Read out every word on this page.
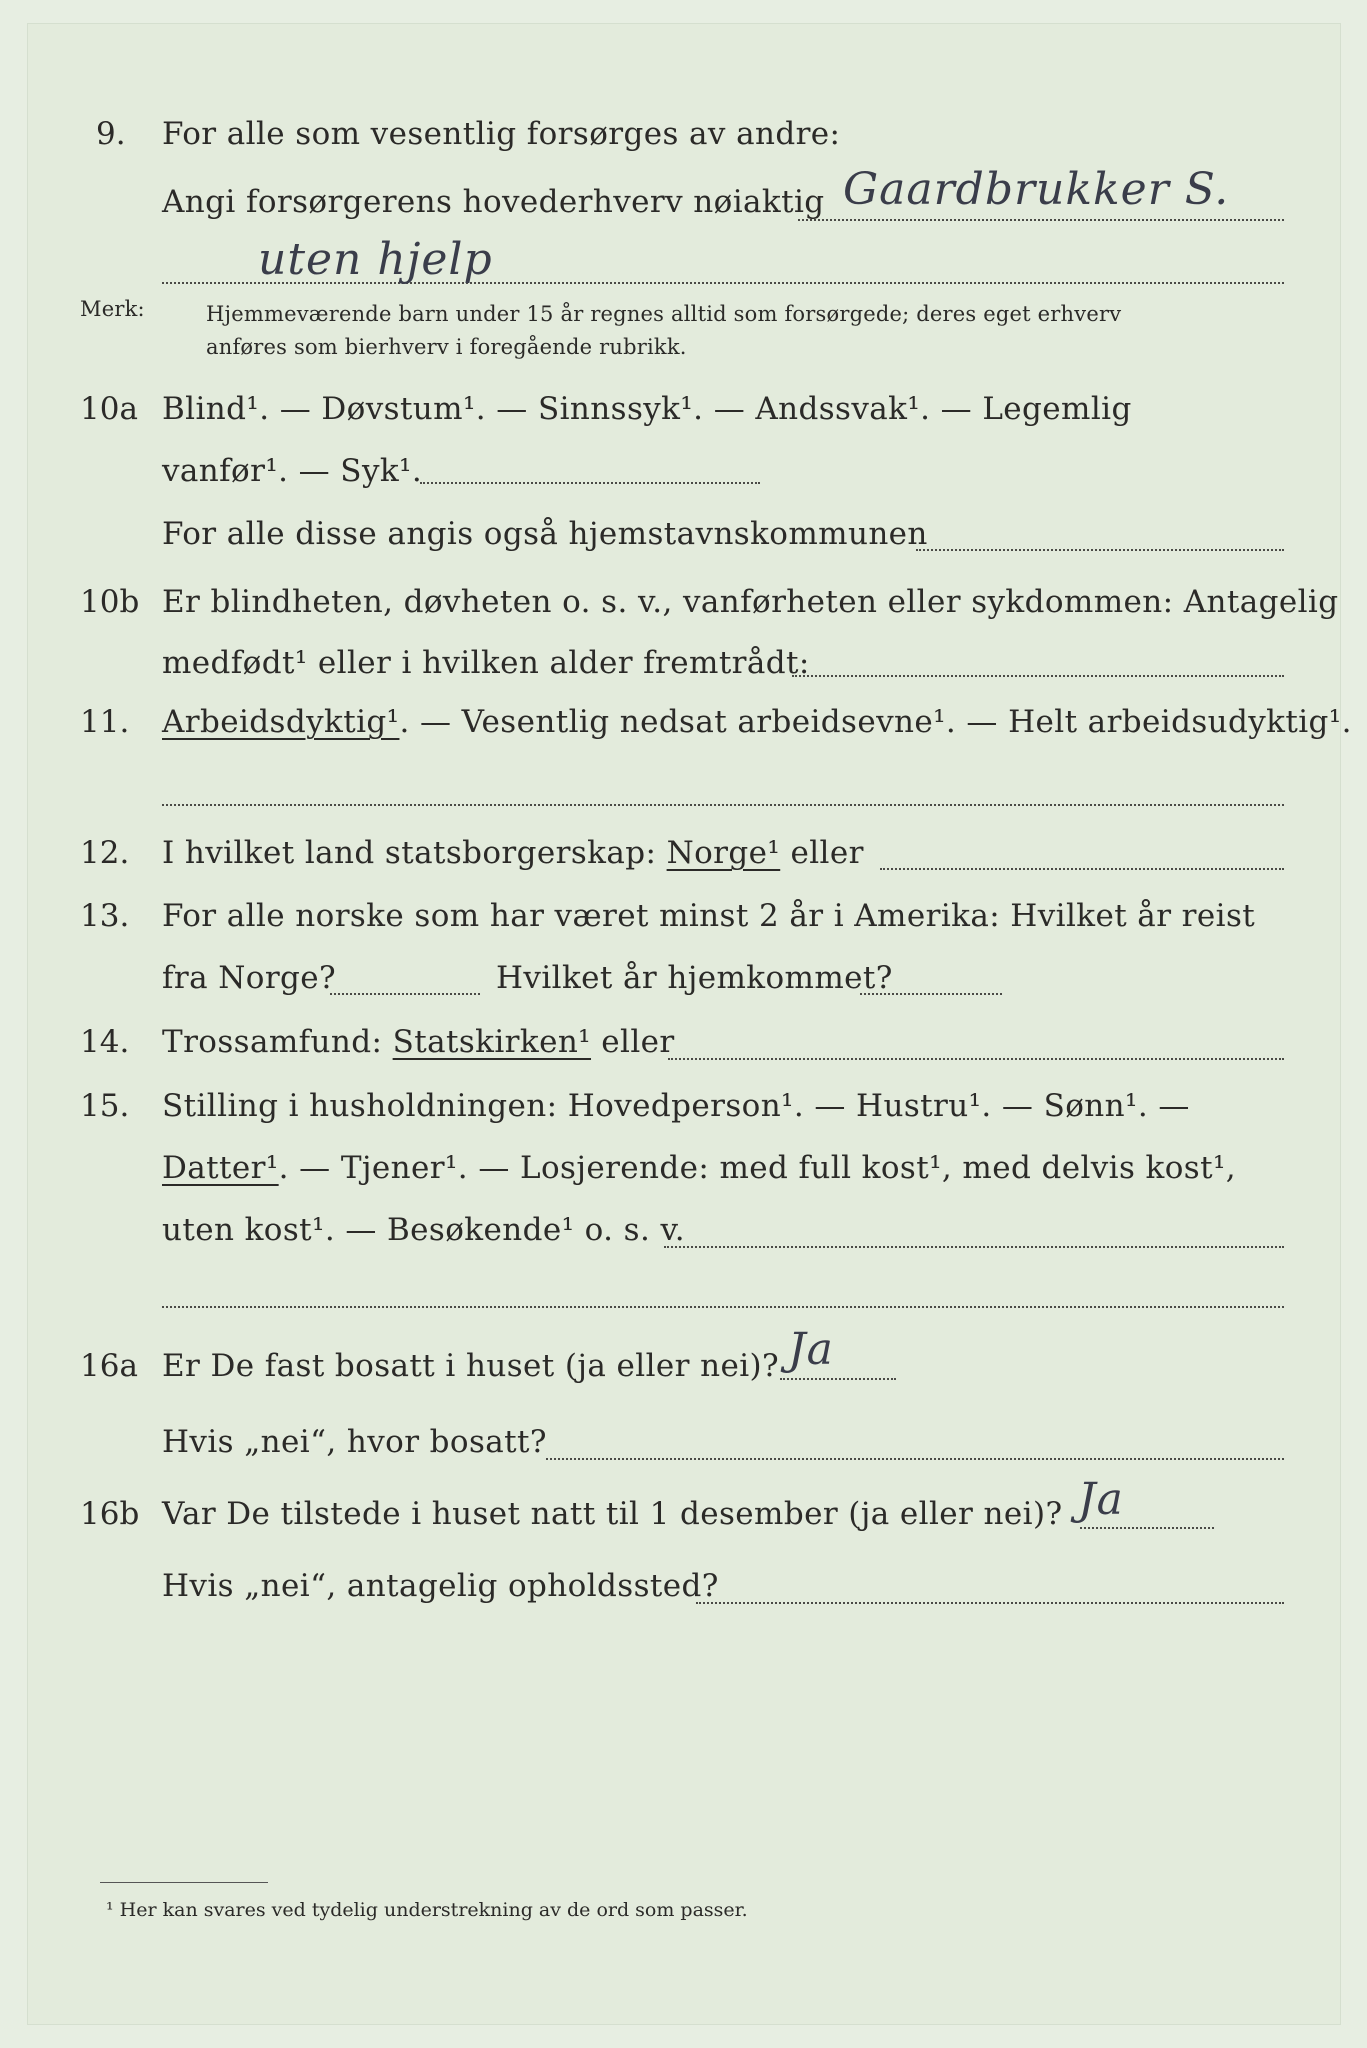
9. For alle som vesentlig forsørges av andre:
Angi forsørgerens hovederhverv nøiaktig Gaardbrukker S.
uten hjelp
Merk:	Hjemmeværende barn under 15 år regnes alltid som forsørgede; deres eget erhverv
anføres som bierhverv i foregående rubrikk.
10a Blind¹. — Døvstum¹. — Sinnssyk¹. — Andssvak¹. — Legemlig
vanfør¹. — Syk¹.
For alle disse angis også hjemstavnskommunen
10b Er blindheten, døvheten o. s. v., vanførheten eller sykdommen: Antagelig
medfødt¹ eller i hvilken alder fremtrådt:
11. Arbeidsdyktig¹. — Vesentlig nedsat arbeidsevne¹. — Helt arbeidsudyktig¹.
12. I hvilket land statsborgerskap: Norge¹ eller
13. For alle norske som har været minst 2 år i Amerika: Hvilket år reist
fra Norge?	Hvilket år hjemkommet?
14. Trossamfund: Statskirken¹ eller
15. Stilling i husholdningen: Hovedperson¹. — Hustru¹. — Sønn¹. —
Datter¹. — Tjener¹. — Losjerende: med full kost¹, med delvis kost¹,
uten kost¹. — Besøkende¹ o. s. v.
16a Er De fast bosatt i huset (ja eller nei)? Ja
Hvis „nei“, hvor bosatt?
16b Var De tilstede i huset natt til 1 desember (ja eller nei)? Ja
Hvis „nei“, antagelig opholdssted?
¹ Her kan svares ved tydelig understrekning av de ord som passer.
